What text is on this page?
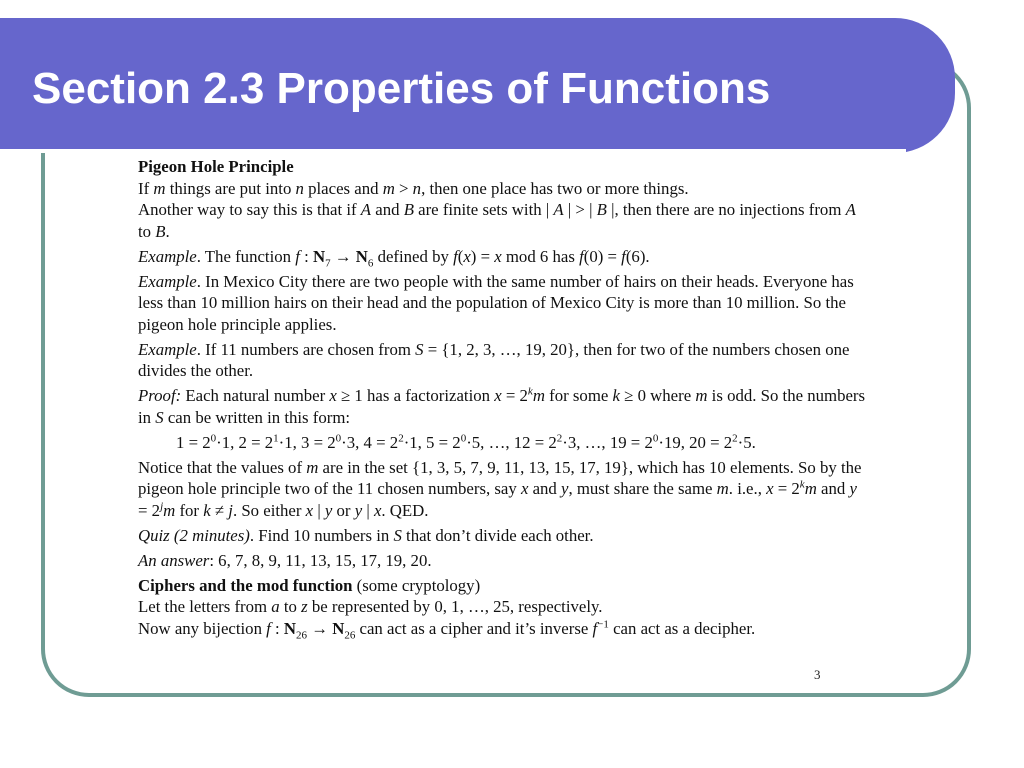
Section 2.3 Properties of Functions

Pigeon Hole Principle

If m things are put into n places and m > n, then one place has two or more things.

Another way to say this is that if A and B are finite sets with | A | > | B |, then there are no injections from A to B.

Example. The function f : $N_7 \to N_6$ defined by f(x) = x mod 6 has f(0) = f(6).

Example. In Mexico City there are two people with the same number of hairs on their heads. Everyone has less than 10 million hairs on their head and the population of Mexico City is more than 10 million. So the pigeon hole principle applies.

Example. If 11 numbers are chosen from S = {1, 2, 3, …, 19, 20}, then for two of the numbers chosen one divides the other.

Proof: Each natural number x ≥ 1 has a factorization $x = 2^km$ for some k ≥ 0 where m is odd. So the numbers in S can be written in this form:

$1 = 2^0\cdot 1$, $2 = 2^1\cdot 1$, $3 = 2^0\cdot 3$, $4 = 2^2\cdot 1$, $5 = 2^0\cdot 5$, …, $12 = 2^2\cdot 3$, …, $19 = 2^0\cdot 19$, $20 = 2^2\cdot 5$.

Notice that the values of m are in the set {1, 3, 5, 7, 9, 11, 13, 15, 17, 19}, which has 10 elements. So by the pigeon hole principle two of the 11 chosen numbers, say x and y, must share the same m. i.e., $x = 2^km$ and $y = 2^jm$ for k ≠ j. So either x | y or y | x. QED.

Quiz (2 minutes). Find 10 numbers in S that don’t divide each other.

An answer: 6, 7, 8, 9, 11, 13, 15, 17, 19, 20.

Ciphers and the mod function (some cryptology)

Let the letters from a to z be represented by 0, 1, …, 25, respectively.

Now any bijection f : $N_{26} \to N_{26}$ can act as a cipher and it’s inverse $f^{-1}$ can act as a decipher.

3
